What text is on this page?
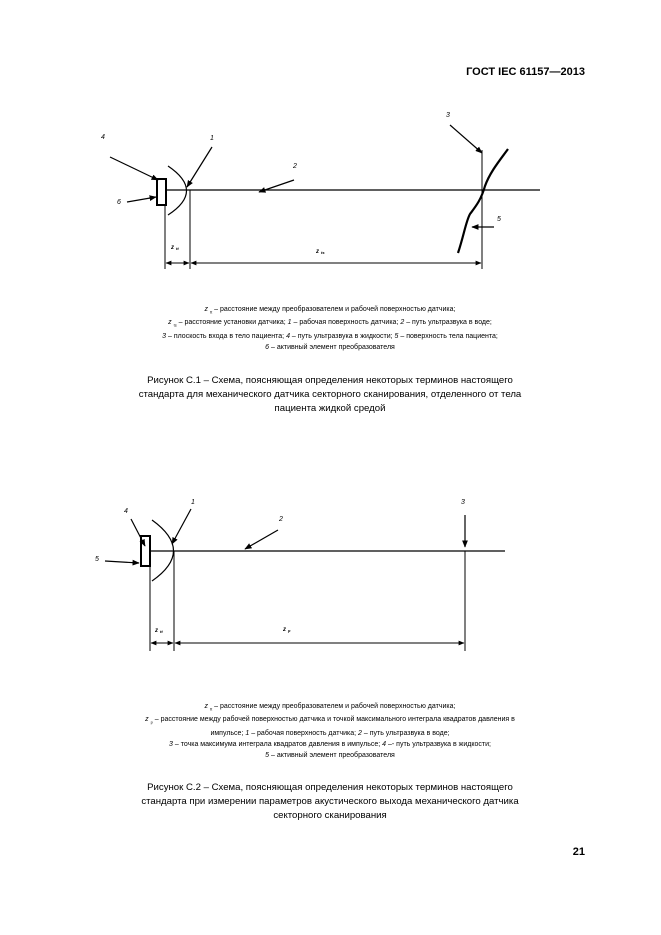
ГОСТ IEC 61157—2013
4	1
2
3
5
6
ztt
zts

z $_{tt}$ – расстояние между преобразователем и рабочей поверхностью датчика;

z $_{ts}$ – расстояние установки датчика; 1 – рабочая поверхность датчика; 2 – путь ультразвука в воде;

3 – плоскость входа в тело пациента; 4 – путь ультразвука в жидкости; 5 – поверхность тела пациента;

6 – активный элемент преобразователя

Рисунок С.1 – Схема, поясняющая определения некоторых терминов настоящего

стандарта для механического датчика секторного сканирования, отделенного от тела

пациента жидкой средой

1
4
2
3
5
ztt	zp

z $_{tt}$ – расстояние между преобразователем и рабочей поверхностью датчика;

z $_p$ – расстояние между рабочей поверхностью датчика и точкой максимального интеграла квадратов давления в

импульсе; 1 – рабочая поверхность датчика; 2 – путь ультразвука в воде;

3 – точка максимума интеграла квадратов давления в импульсе; 4 –- путь ультразвука в жидкости;

5 – активный элемент преобразователя

Рисунок С.2 – Схема, поясняющая определения некоторых терминов настоящего

стандарта при измерении параметров акустического выхода механического датчика

секторного сканирования

21
